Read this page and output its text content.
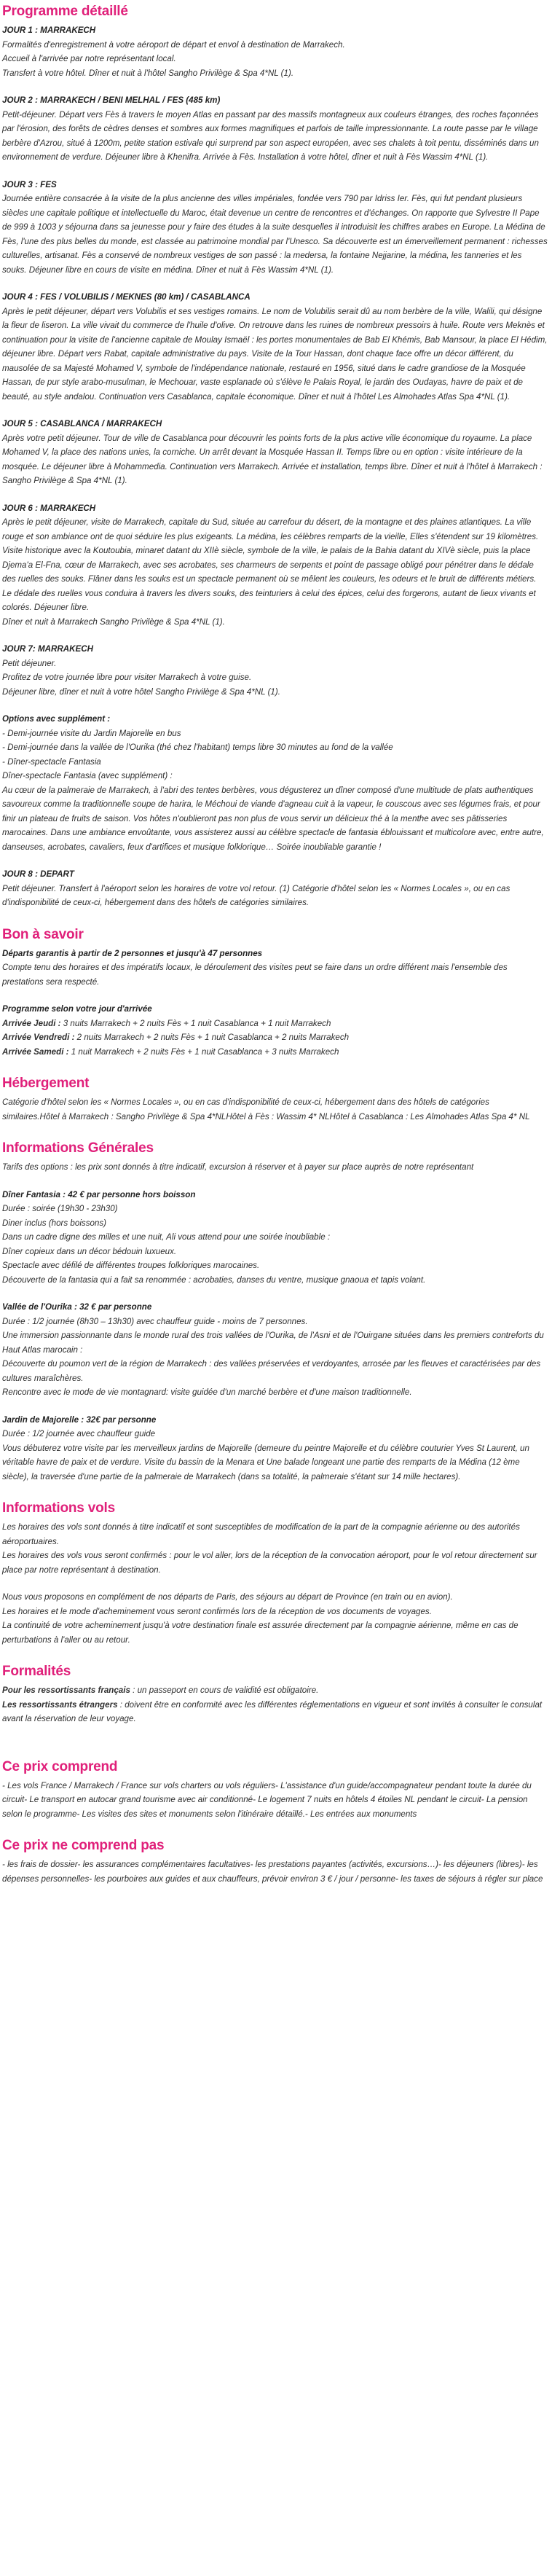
Programme détaillé

JOUR 1 : MARRAKECH

Formalités d'enregistrement à votre aéroport de départ et envol à destination de Marrakech.

Accueil à l'arrivée par notre représentant local.

Transfert à votre hôtel. Dîner et nuit à l'hôtel Sangho Privilège & Spa 4*NL (1).

JOUR 2 : MARRAKECH / BENI MELHAL / FES (485 km)

Petit-déjeuner. Départ vers Fès à travers le moyen Atlas en passant par des massifs montagneux aux couleurs étranges, des roches façonnées par l'érosion, des forêts de cèdres denses et sombres aux formes magnifiques et parfois de taille impressionnante. La route passe par le village berbère d'Azrou, situé à 1200m, petite station estivale qui surprend par son aspect européen, avec ses chalets à toit pentu, disséminés dans un environnement de verdure. Déjeuner libre à Khenifra. Arrivée à Fès. Installation à votre hôtel, dîner et nuit à Fès Wassim 4*NL (1).

JOUR 3 : FES

Journée entière consacrée à la visite de la plus ancienne des villes impériales, fondée vers 790 par Idriss Ier. Fès, qui fut pendant plusieurs siècles une capitale politique et intellectuelle du Maroc, était devenue un centre de rencontres et d'échanges. On rapporte que Sylvestre II Pape de 999 à 1003 y séjourna dans sa jeunesse pour y faire des études à la suite desquelles il introduisit les chiffres arabes en Europe. La Médina de Fès, l'une des plus belles du monde, est classée au patrimoine mondial par l'Unesco. Sa découverte est un émerveillement permanent : richesses culturelles, artisanat. Fès a conservé de nombreux vestiges de son passé : la medersa, la fontaine Nejjarine, la médina, les tanneries et les souks. Déjeuner libre en cours de visite en médina. Dîner et nuit à Fès Wassim 4*NL (1).

JOUR 4 : FES / VOLUBILIS / MEKNES (80 km) / CASABLANCA

Après le petit déjeuner, départ vers Volubilis et ses vestiges romains. Le nom de Volubilis serait dû au nom berbère de la ville, Walili, qui désigne la fleur de liseron. La ville vivait du commerce de l'huile d'olive. On retrouve dans les ruines de nombreux pressoirs à huile. Route vers Meknès et continuation pour la visite de l'ancienne capitale de Moulay Ismaël : les portes monumentales de Bab El Khémis, Bab Mansour, la place El Hédim, déjeuner libre. Départ vers Rabat, capitale administrative du pays. Visite de la Tour Hassan, dont chaque face offre un décor différent, du mausolée de sa Majesté Mohamed V, symbole de l'indépendance nationale, restauré en 1956, situé dans le cadre grandiose de la Mosquée Hassan, de pur style arabo-musulman, le Mechouar, vaste esplanade où s'élève le Palais Royal, le jardin des Oudayas, havre de paix et de beauté, au style andalou. Continuation vers Casablanca, capitale économique. Dîner et nuit à l'hôtel Les Almohades Atlas Spa 4*NL (1).

JOUR 5 : CASABLANCA / MARRAKECH

Après votre petit déjeuner. Tour de ville de Casablanca pour découvrir les points forts de la plus active ville économique du royaume. La place Mohamed V, la place des nations unies, la corniche. Un arrêt devant la Mosquée Hassan II. Temps libre ou en option : visite intérieure de la mosquée. Le déjeuner libre à Mohammedia. Continuation vers Marrakech. Arrivée et installation, temps libre. Dîner et nuit à l'hôtel à Marrakech : Sangho Privilège & Spa 4*NL (1).

JOUR 6 : MARRAKECH

Après le petit déjeuner, visite de Marrakech, capitale du Sud, située au carrefour du désert, de la montagne et des plaines atlantiques. La ville rouge et son ambiance ont de quoi séduire les plus exigeants. La médina, les célèbres remparts de la vieille, Elles s'étendent sur 19 kilomètres. Visite historique avec la Koutoubia, minaret datant du XIIè siècle, symbole de la ville, le palais de la Bahia datant du XIVè siècle, puis la place Djema'a El-Fna, cœur de Marrakech, avec ses acrobates, ses charmeurs de serpents et point de passage obligé pour pénétrer dans le dédale des ruelles des souks. Flâner dans les souks est un spectacle permanent où se mêlent les couleurs, les odeurs et le bruit de différents métiers. Le dédale des ruelles vous conduira à travers les divers souks, des teinturiers à celui des épices, celui des forgerons, autant de lieux vivants et colorés. Déjeuner libre.

Dîner et nuit à Marrakech Sangho Privilège & Spa 4*NL (1).

JOUR 7: MARRAKECH

Petit déjeuner.

Profitez de votre journée libre pour visiter Marrakech à votre guise.

Déjeuner libre, dîner et nuit à votre hôtel Sangho Privilège & Spa 4*NL (1).

Options avec supplément :

- Demi-journée visite du Jardin Majorelle en bus

- Demi-journée dans la vallée de l'Ourika (thé chez l'habitant) temps libre 30 minutes au fond de la vallée

- Dîner-spectacle Fantasia

Dîner-spectacle Fantasia (avec supplément) :

Au cœur de la palmeraie de Marrakech, à l'abri des tentes berbères, vous dégusterez un dîner composé d'une multitude de plats authentiques savoureux comme la traditionnelle soupe de harira, le Méchoui de viande d'agneau cuit à la vapeur, le couscous avec ses légumes frais, et pour finir un plateau de fruits de saison. Vos hôtes n'oublieront pas non plus de vous servir un délicieux thé à la menthe avec ses pâtisseries marocaines. Dans une ambiance envoûtante, vous assisterez aussi au célèbre spectacle de fantasia éblouissant et multicolore avec, entre autre, danseuses, acrobates, cavaliers, feux d'artifices et musique folklorique… Soirée inoubliable garantie !

JOUR 8 : DEPART

Petit déjeuner. Transfert à l'aéroport selon les horaires de votre vol retour. (1) Catégorie d'hôtel selon les « Normes Locales », ou en cas d'indisponibilité de ceux-ci, hébergement dans des hôtels de catégories similaires.

Bon à savoir

Départs garantis à partir de 2 personnes et jusqu'à 47 personnes

Compte tenu des horaires et des impératifs locaux, le déroulement des visites peut se faire dans un ordre différent mais l'ensemble des prestations sera respecté.

Programme selon votre jour d'arrivée

Arrivée Jeudi : 3 nuits Marrakech + 2 nuits Fès + 1 nuit Casablanca + 1 nuit Marrakech

Arrivée Vendredi : 2 nuits Marrakech + 2 nuits Fès + 1 nuit Casablanca + 2 nuits Marrakech

Arrivée Samedi : 1 nuit Marrakech + 2 nuits Fès + 1 nuit Casablanca + 3 nuits Marrakech

Hébergement

Catégorie d'hôtel selon les « Normes Locales », ou en cas d'indisponibilité de ceux-ci, hébergement dans des hôtels de catégories similaires.Hôtel à Marrakech : Sangho Privilège & Spa 4*NLHôtel à Fès : Wassim 4* NLHôtel à Casablanca : Les Almohades Atlas Spa 4* NL

Informations Générales

Tarifs des options : les prix sont donnés à titre indicatif, excursion à réserver et à payer sur place auprès de notre représentant

Dîner Fantasia : 42 € par personne hors boisson

Durée : soirée (19h30 - 23h30)

Diner inclus (hors boissons)

Dans un cadre digne des milles et une nuit, Ali vous attend pour une soirée inoubliable :

Dîner copieux dans un décor bédouin luxueux.

Spectacle avec défilé de différentes troupes folkloriques marocaines.

Découverte de la fantasia qui a fait sa renommée : acrobaties, danses du ventre, musique gnaoua et tapis volant.

Vallée de l'Ourika : 32 € par personne

Durée : 1/2 journée (8h30 – 13h30) avec chauffeur guide - moins de 7 personnes.

Une immersion passionnante dans le monde rural des trois vallées de l'Ourika, de l'Asni et de l'Ouirgane situées dans les premiers contreforts du Haut Atlas marocain :

Découverte du poumon vert de la région de Marrakech : des vallées préservées et verdoyantes, arrosée par les fleuves et caractérisées par des cultures maraîchères.

Rencontre avec le mode de vie montagnard: visite guidée d'un marché berbère et d'une maison traditionnelle.

Jardin de Majorelle : 32€ par personne

Durée : 1/2 journée avec chauffeur guide

Vous débuterez votre visite par les merveilleux jardins de Majorelle (demeure du peintre Majorelle et du célèbre couturier Yves St Laurent, un véritable havre de paix et de verdure. Visite du bassin de la Menara et Une balade longeant une partie des remparts de la Médina (12 ème siècle), la traversée d'une partie de la palmeraie de Marrakech (dans sa totalité, la palmeraie s'étant sur 14 mille hectares).

Informations vols

Les horaires des vols sont donnés à titre indicatif et sont susceptibles de modification de la part de la compagnie aérienne ou des autorités aéroportuaires.

Les horaires des vols vous seront confirmés : pour le vol aller, lors de la réception de la convocation aéroport, pour le vol retour directement sur place par notre représentant à destination.

Nous vous proposons en complément de nos départs de Paris, des séjours au départ de Province (en train ou en avion).

Les horaires et le mode d'acheminement vous seront confirmés lors de la réception de vos documents de voyages.

La continuité de votre acheminement jusqu'à votre destination finale est assurée directement par la compagnie aérienne, même en cas de perturbations à l'aller ou au retour.

Formalités

Pour les ressortissants français : un passeport en cours de validité est obligatoire.

Les ressortissants étrangers : doivent être en conformité avec les différentes réglementations en vigueur et sont invités à consulter le consulat avant la réservation de leur voyage.

Ce prix comprend

- Les vols France / Marrakech / France sur vols charters ou vols réguliers- L'assistance d'un guide/accompagnateur pendant toute la durée du circuit- Le transport en autocar grand tourisme avec air conditionné- Le logement 7 nuits en hôtels 4 étoiles NL pendant le circuit- La pension selon le programme- Les visites des sites et monuments selon l'itinéraire détaillé.- Les entrées aux monuments

Ce prix ne comprend pas

- les frais de dossier- les assurances complémentaires facultatives- les prestations payantes (activités, excursions…)- les déjeuners (libres)- les dépenses personnelles- les pourboires aux guides et aux chauffeurs, prévoir environ 3 € / jour / personne- les taxes de séjours à régler sur place
